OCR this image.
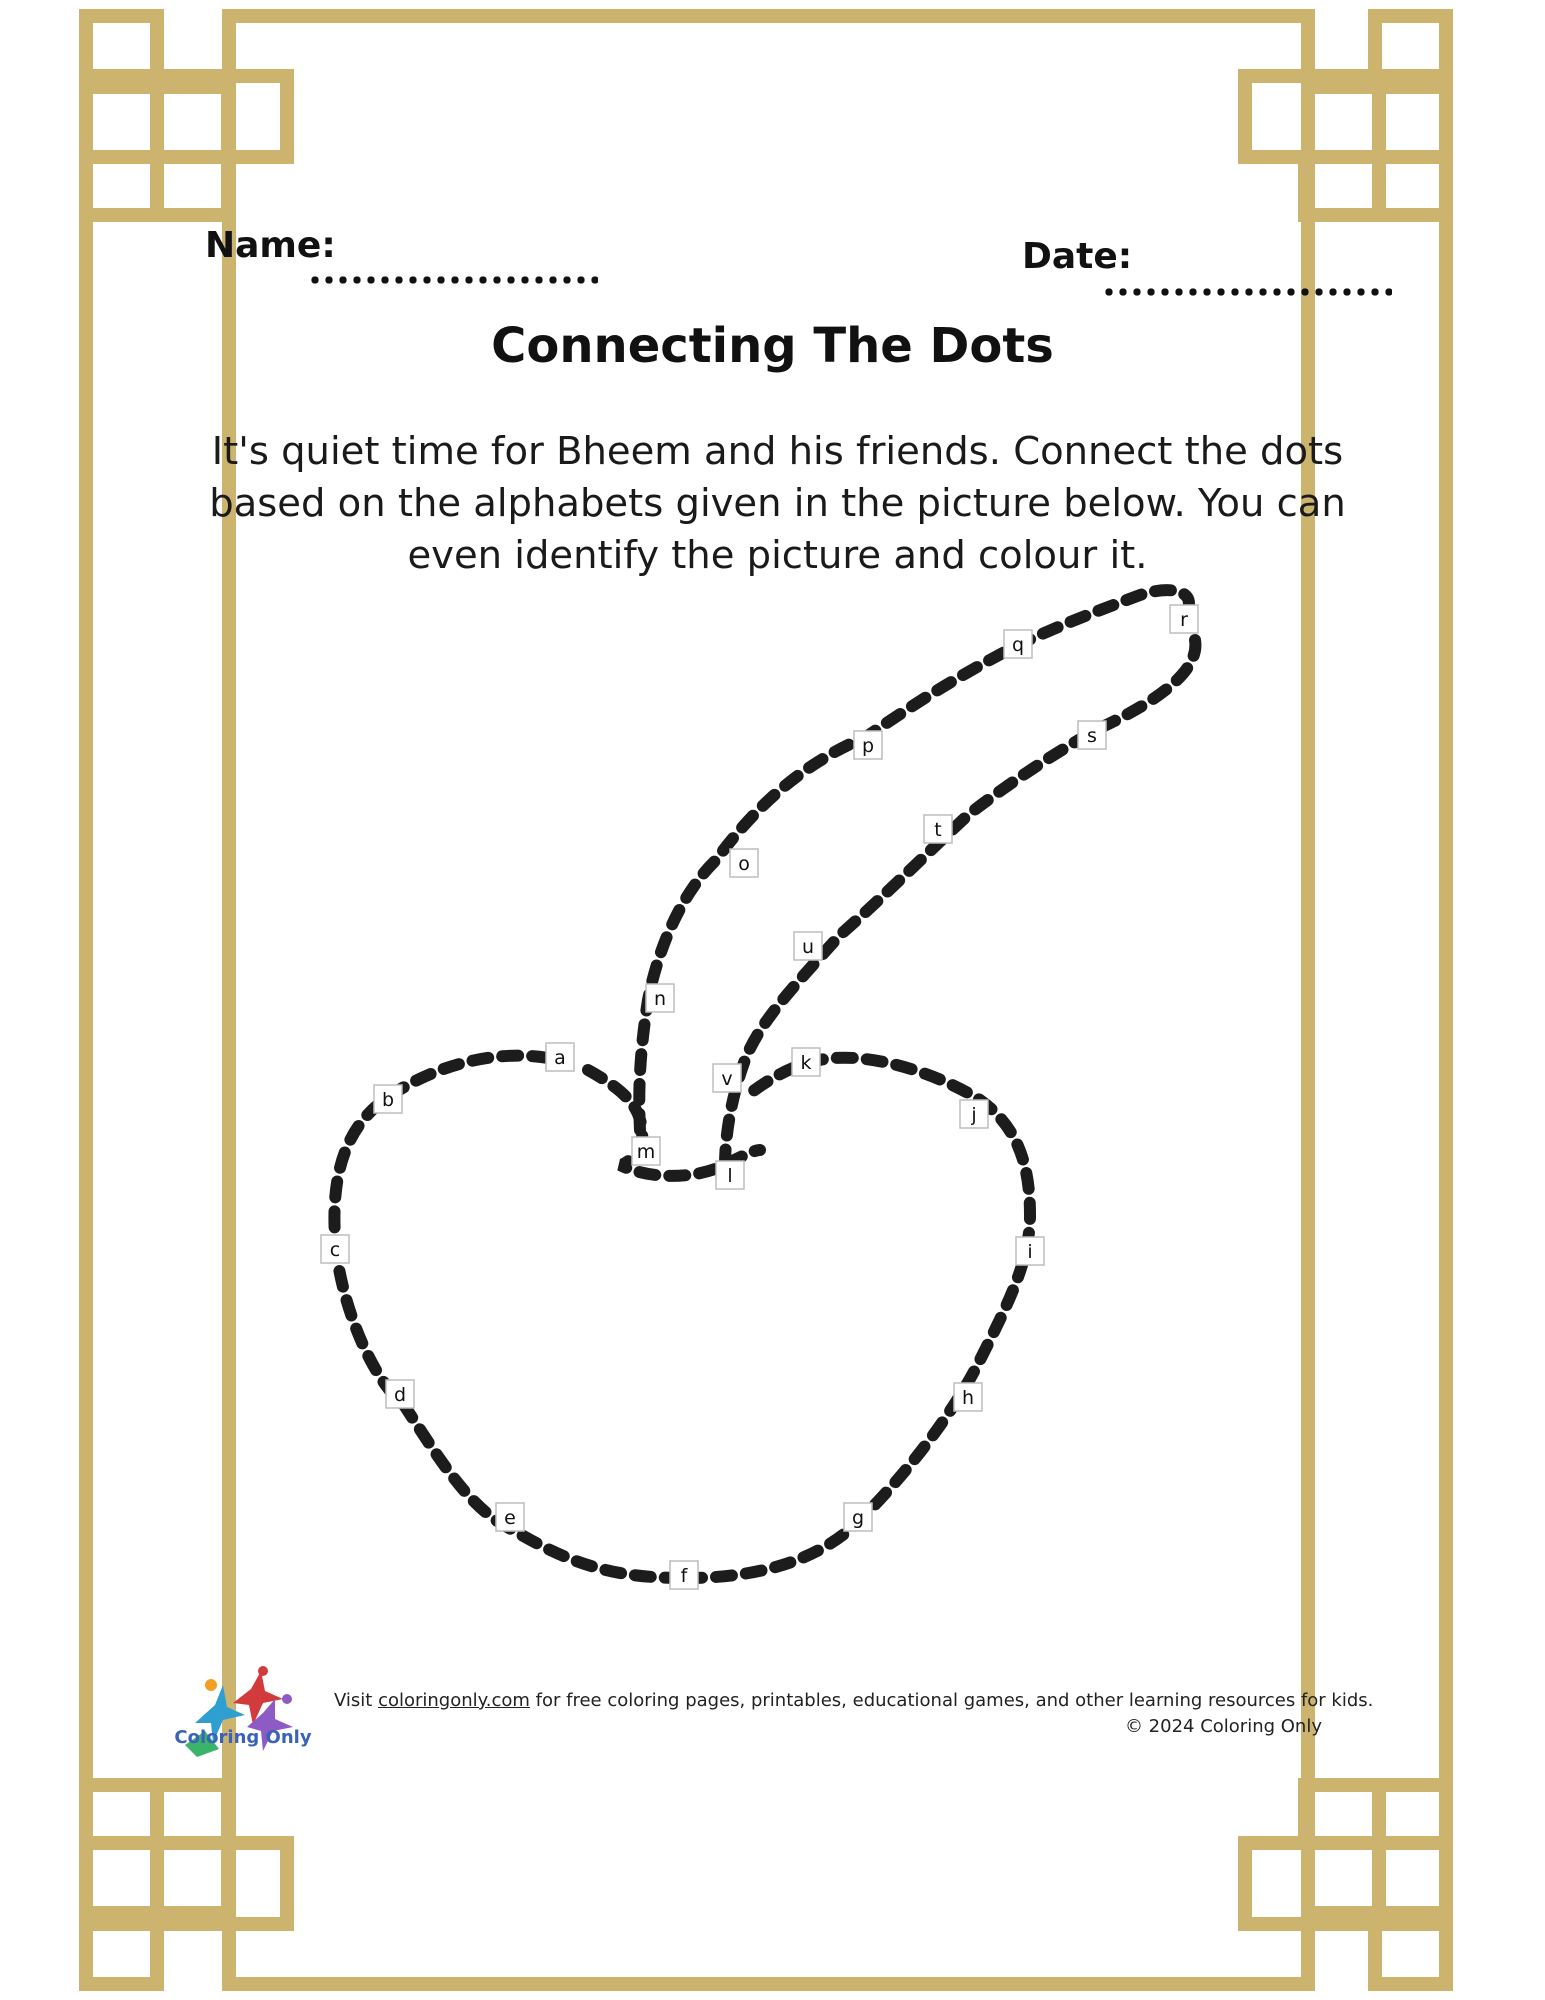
Name:	Date:
Connecting The Dots
It's quiet time for Bheem and his friends. Connect the dots based on the alphabets given in the picture below. You can even identify the picture and colour it.
a
b
c
d
e
f
g
h
i
j
k
l
m
n
o
p
q
r
s
t
u
v
Coloring Only
Visit coloringonly.com for free coloring pages, printables, educational games, and other learning resources for kids.
© 2024 Coloring Only
